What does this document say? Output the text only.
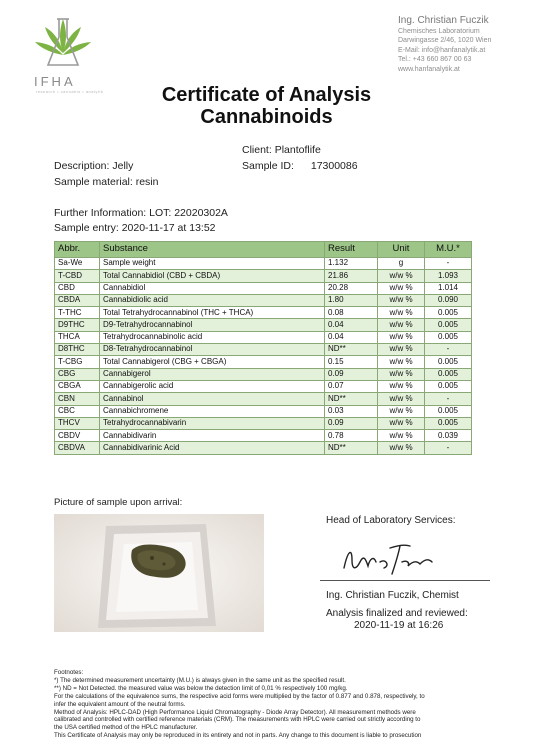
IFHA
research • cannabis • analytik
Ing. Christian Fuczik
Chemisches Laboratorium
Darwingasse 2/46, 1020 Wien
E-Mail: info@hanfanalytik.at
Tel.: +43 660 867 00 63
www.hanfanalytik.at
Certificate of Analysis
Cannabinoids
Client: Plantoflife
Description: Jelly	Sample ID: 17300086
Sample material: resin
Further Information: LOT: 22020302A
Sample entry: 2020-11-17 at 13:52
Abbr.	Substance	Result	Unit	M.U.*
Sa-We	Sample weight	1.132	g	-
T-CBD	Total Cannabidiol (CBD + CBDA)	21.86	w/w %	1.093
CBD	Cannabidiol	20.28	w/w %	1.014
CBDA	Cannabidiolic acid	1.80	w/w %	0.090
T-THC	Total Tetrahydrocannabinol (THC + THCA)	0.08	w/w %	0.005
D9THC	D9-Tetrahydrocannabinol	0.04	w/w %	0.005
THCA	Tetrahydrocannabinolic acid	0.04	w/w %	0.005
D8THC	D8-Tetrahydrocannabinol	ND**	w/w %	-
T-CBG	Total Cannabigerol (CBG + CBGA)	0.15	w/w %	0.005
CBG	Cannabigerol	0.09	w/w %	0.005
CBGA	Cannabigerolic acid	0.07	w/w %	0.005
CBN	Cannabinol	ND**	w/w %	-
CBC	Cannabichromene	0.03	w/w %	0.005
THCV	Tetrahydrocannabivarin	0.09	w/w %	0.005
CBDV	Cannabidivarin	0.78	w/w %	0.039
CBDVA	Cannabidivarinic Acid	ND**	w/w %	-
Picture of sample upon arrival:
Head of Laboratory Services:
Ing. Christian Fuczik, Chemist
Analysis finalized and reviewed:
2020-11-19 at 16:26
Footnotes:
*) The determined measurement uncertainty (M.U.) is always given in the same unit as the specified result.
**) ND = Not Detected. the measured value was below the detection limit of 0,01 % respectively 100 mg/kg.
For the calculations of the equivalence sums, the respective acid forms were multiplied by the factor of 0.877 and 0.878, respectively, to
infer the equivalent amount of the neutral forms.
Method of Analysis: HPLC-DAD (High Performance Liquid Chromatography - Diode Array Detector). All measurement methods were
calibrated and controlled with certified reference materials (CRM). The measurements with HPLC were carried out strictly according to
the USA certified method of the HPLC manufacturer.
This Certificate of Analysis may only be reproduced in its entirety and not in parts. Any change to this document is liable to prosecution
